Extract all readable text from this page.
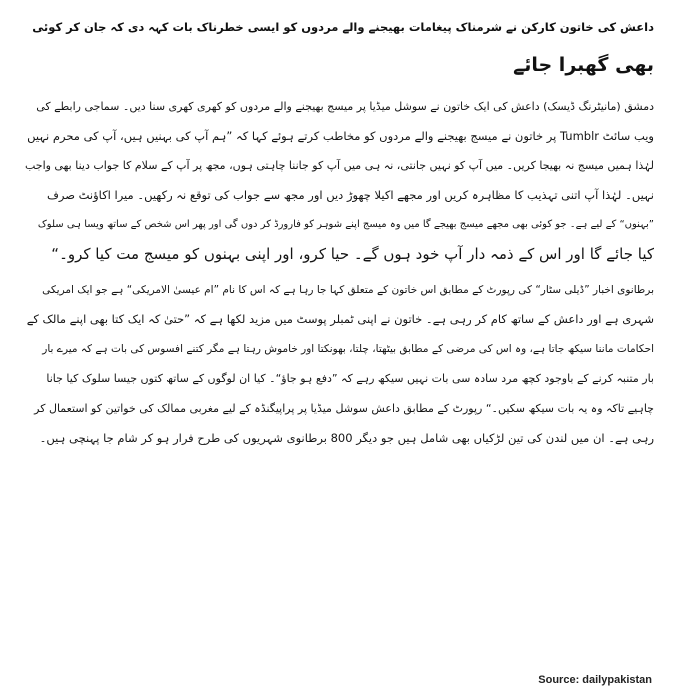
داعش کی خاتون کارکن نے شرمناک پیغامات بھیجنے والے مردوں کو ایسی خطرناک بات کہہ دی کہ جان کر کوئی
بھی گھبرا جائے

دمشق (مانیٹرنگ ڈیسک) داعش کی ایک خاتون نے سوشل میڈیا پر میسج بھیجنے والے مردوں کو کھری کھری سنا دیں۔ سماجی رابطے کی
ویب سائٹ Tumblr پر خاتون نے میسج بھیجنے والے مردوں کو مخاطب کرتے ہوئے کہا کہ ”ہم آپ کی بہنیں ہیں، آپ کی محرم نہیں
لہٰذا ہمیں میسج نہ بھیجا کریں۔ میں آپ کو نہیں جانتی، نہ ہی میں آپ کو جاننا چاہتی ہوں، مجھ پر آپ کے سلام کا جواب دینا بھی واجب
نہیں۔ لہٰذا آپ اتنی تہذیب کا مظاہرہ کریں اور مجھے اکیلا چھوڑ دیں اور مجھ سے جواب کی توقع نہ رکھیں۔ میرا اکاؤنٹ صرف
”بہنوں“ کے لیے ہے۔ جو کوئی بھی مجھے میسج بھیجے گا میں وہ میسج اپنے شوہر کو فارورڈ کر دوں گی اور پھر اس شخص کے ساتھ ویسا ہی سلوک
کیا جائے گا اور اس کے ذمہ دار آپ خود ہوں گے۔ حیا کرو، اور اپنی بہنوں کو میسج مت کیا کرو۔“

برطانوی اخبار ”ڈیلی سٹار“ کی رپورٹ کے مطابق اس خاتون کے متعلق کہا جا رہا ہے کہ اس کا نام ”ام عیسیٰ الامریکی“ ہے جو ایک امریکی
شہری ہے اور داعش کے ساتھ کام کر رہی ہے۔ خاتون نے اپنی ٹمبلر پوسٹ میں مزید لکھا ہے کہ ”حتیٰ کہ ایک کتا بھی اپنے مالک کے
احکامات ماننا سیکھ جاتا ہے، وہ اس کی مرضی کے مطابق بیٹھتا، چلتا، بھونکتا اور خاموش رہتا ہے مگر کتنے افسوس کی بات ہے کہ میرے بار
بار متنبہ کرنے کے باوجود کچھ مرد سادہ سی بات نہیں سیکھ رہے کہ ”دفع ہو جاؤ“۔ کیا ان لوگوں کے ساتھ کتوں جیسا سلوک کیا جانا
چاہیے تاکہ وہ یہ بات سیکھ سکیں۔“ رپورٹ کے مطابق داعش سوشل میڈیا پر پراپیگنڈہ کے لیے مغربی ممالک کی خواتین کو استعمال کر
رہی ہے۔ ان میں لندن کی تین لڑکیاں بھی شامل ہیں جو دیگر 800 برطانوی شہریوں کی طرح فرار ہو کر شام جا پہنچی ہیں۔

Source: dailypakistan
